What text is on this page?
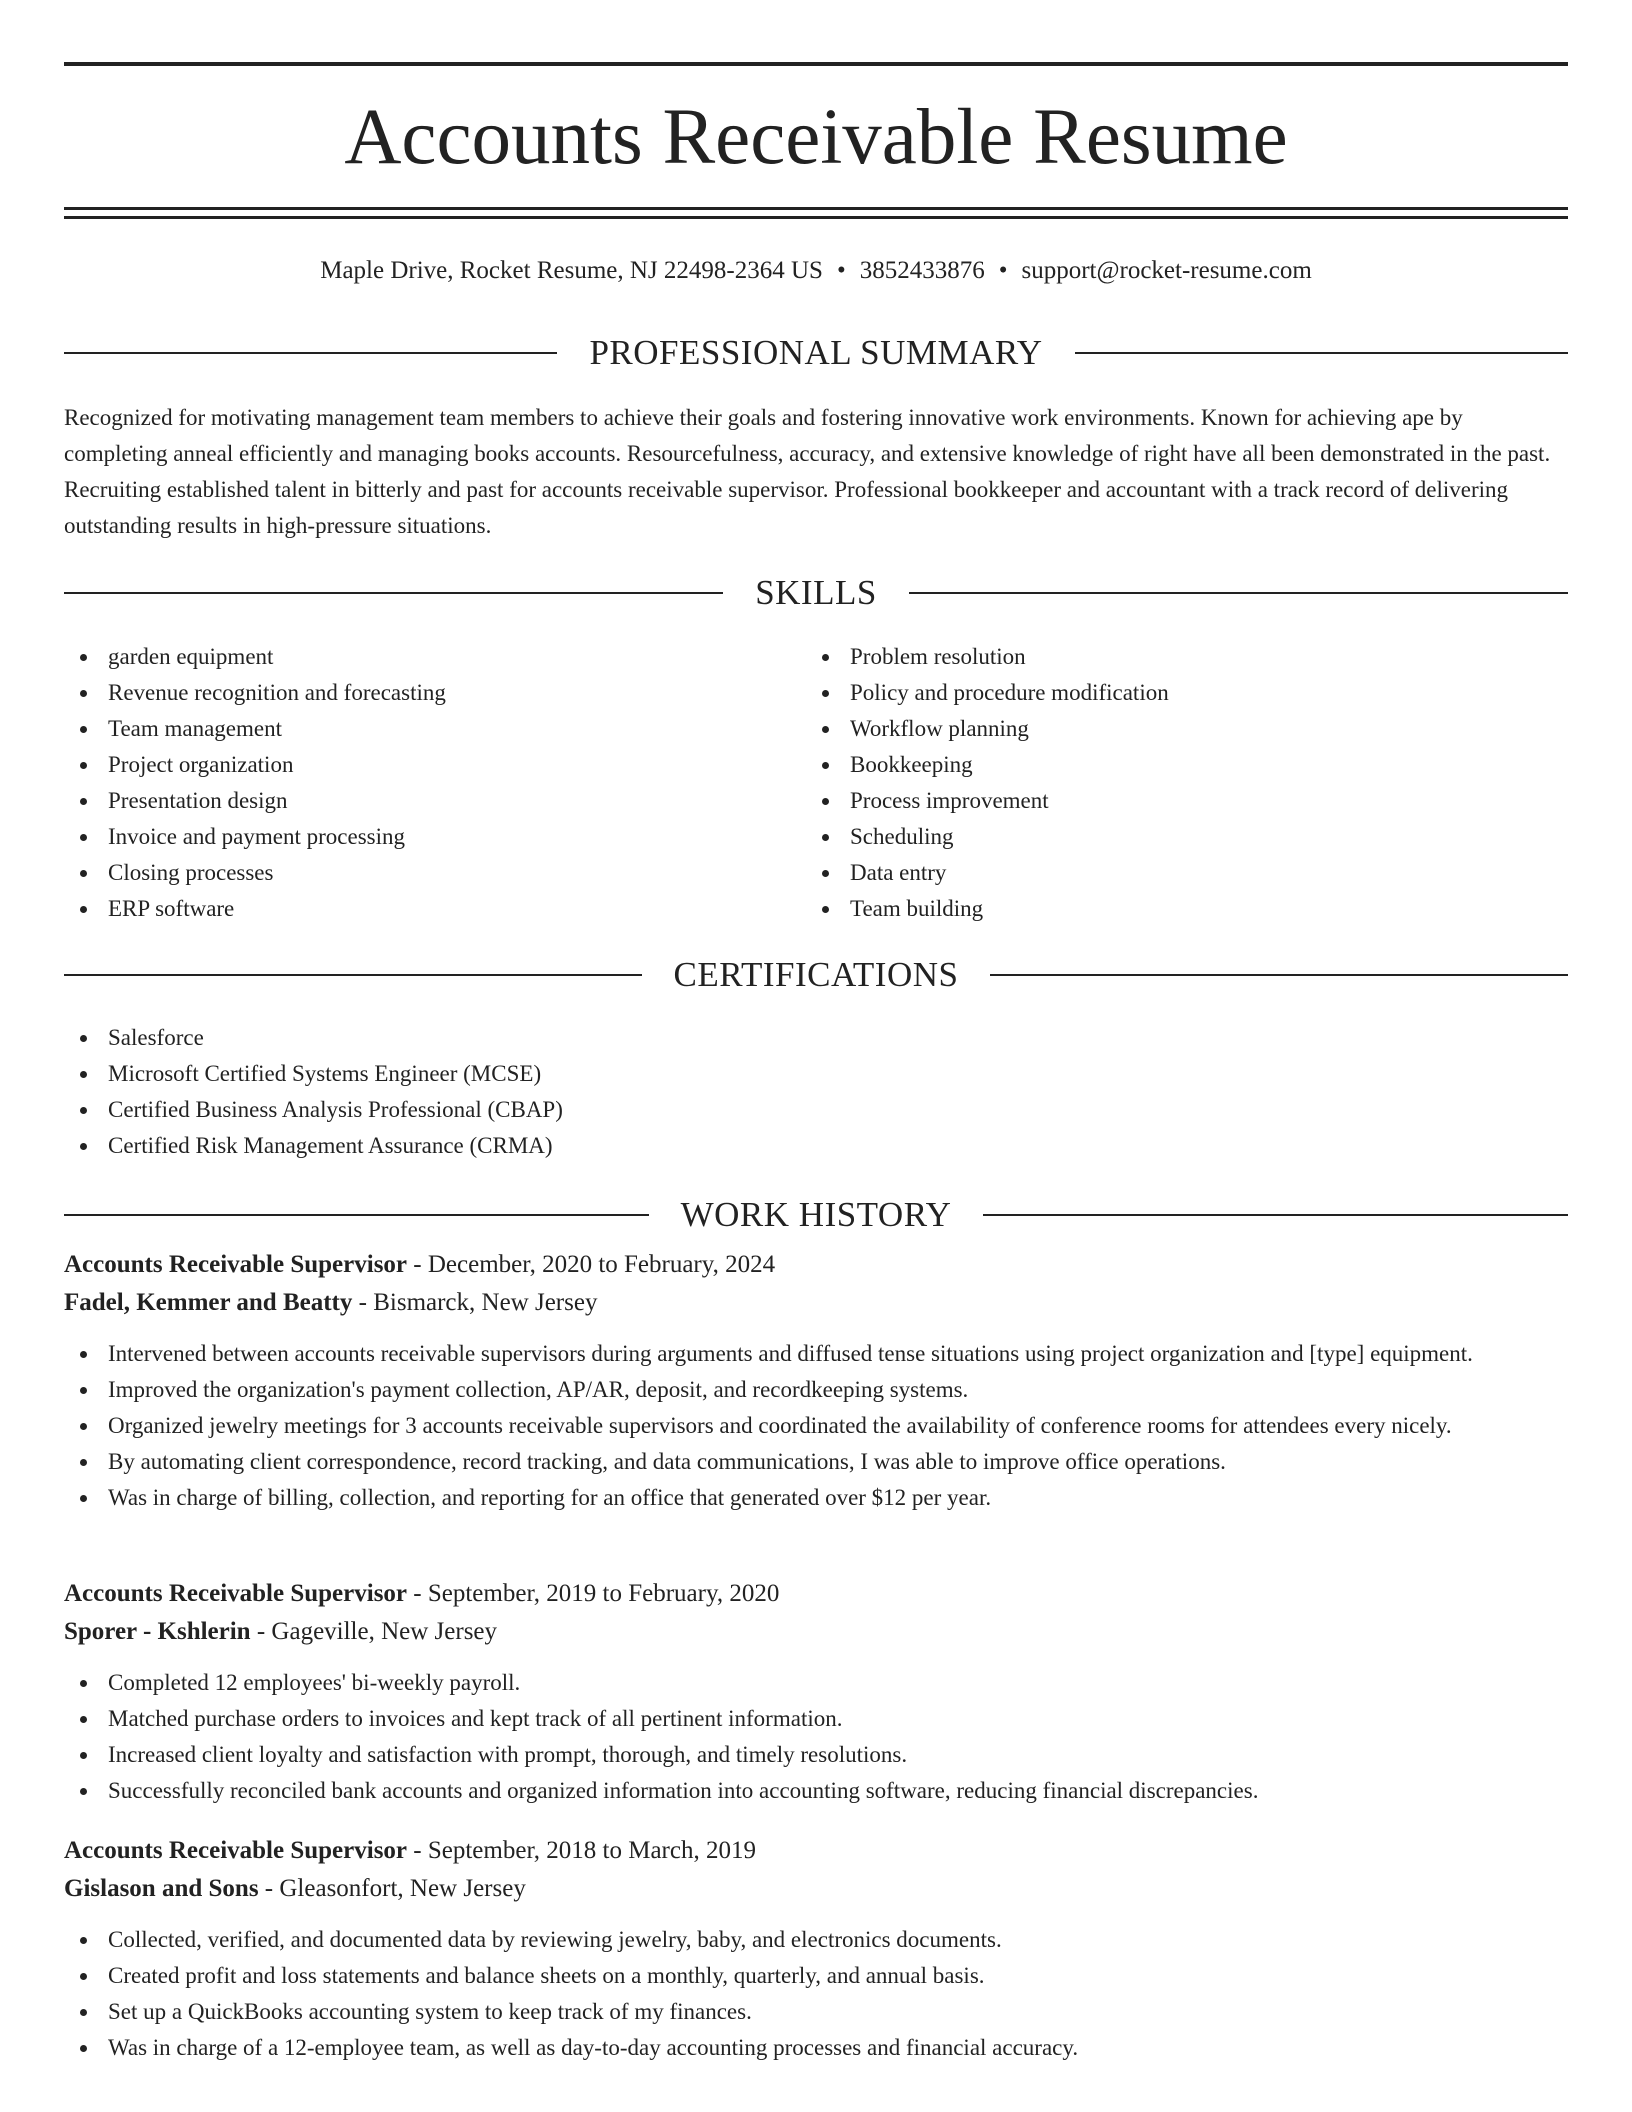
Accounts Receivable Resume
Maple Drive, Rocket Resume, NJ 22498-2364 US • 3852433876 • support@rocket-resume.com
PROFESSIONAL SUMMARY

Recognized for motivating management team members to achieve their goals and fostering innovative work environments. Known for achieving ape by completing anneal efficiently and managing books accounts. Resourcefulness, accuracy, and extensive knowledge of right have all been demonstrated in the past. Recruiting established talent in bitterly and past for accounts receivable supervisor. Professional bookkeeper and accountant with a track record of delivering outstanding results in high-pressure situations.

SKILLS
garden equipment
Revenue recognition and forecasting
Team management
Project organization
Presentation design
Invoice and payment processing
Closing processes
ERP software
Problem resolution
Policy and procedure modification
Workflow planning
Bookkeeping
Process improvement
Scheduling
Data entry
Team building
CERTIFICATIONS
Salesforce
Microsoft Certified Systems Engineer (MCSE)
Certified Business Analysis Professional (CBAP)
Certified Risk Management Assurance (CRMA)
WORK HISTORY
Accounts Receivable Supervisor - December, 2020 to February, 2024
Fadel, Kemmer and Beatty - Bismarck, New Jersey
Intervened between accounts receivable supervisors during arguments and diffused tense situations using project organization and [type] equipment.
Improved the organization's payment collection, AP/AR, deposit, and recordkeeping systems.
Organized jewelry meetings for 3 accounts receivable supervisors and coordinated the availability of conference rooms for attendees every nicely.
By automating client correspondence, record tracking, and data communications, I was able to improve office operations.
Was in charge of billing, collection, and reporting for an office that generated over $12 per year.
Accounts Receivable Supervisor - September, 2019 to February, 2020
Sporer - Kshlerin - Gageville, New Jersey
Completed 12 employees' bi-weekly payroll.
Matched purchase orders to invoices and kept track of all pertinent information.
Increased client loyalty and satisfaction with prompt, thorough, and timely resolutions.
Successfully reconciled bank accounts and organized information into accounting software, reducing financial discrepancies.
Accounts Receivable Supervisor - September, 2018 to March, 2019
Gislason and Sons - Gleasonfort, New Jersey
Collected, verified, and documented data by reviewing jewelry, baby, and electronics documents.
Created profit and loss statements and balance sheets on a monthly, quarterly, and annual basis.
Set up a QuickBooks accounting system to keep track of my finances.
Was in charge of a 12-employee team, as well as day-to-day accounting processes and financial accuracy.
